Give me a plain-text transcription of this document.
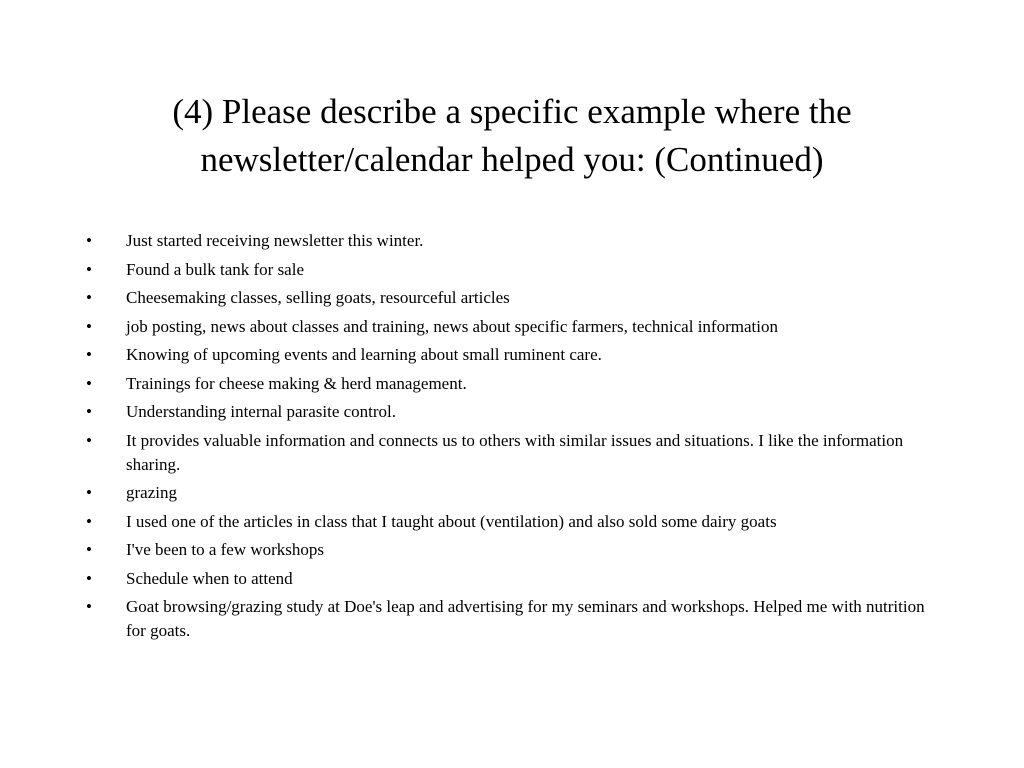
(4) Please describe a specific example where the
newsletter/calendar helped you: (Continued)
• Just started receiving newsletter this winter.
• Found a bulk tank for sale
• Cheesemaking classes, selling goats, resourceful articles
• job posting, news about classes and training, news about specific farmers, technical information
• Knowing of upcoming events and learning about small ruminent care.
• Trainings for cheese making & herd management.
• Understanding internal parasite control.
• It provides valuable information and connects us to others with similar issues and situations. I like the information sharing.
• grazing
• I used one of the articles in class that I taught about (ventilation) and also sold some dairy goats
• I've been to a few workshops
• Schedule when to attend
• Goat browsing/grazing study at Doe's leap and advertising for my seminars and workshops. Helped me with nutrition for goats.
